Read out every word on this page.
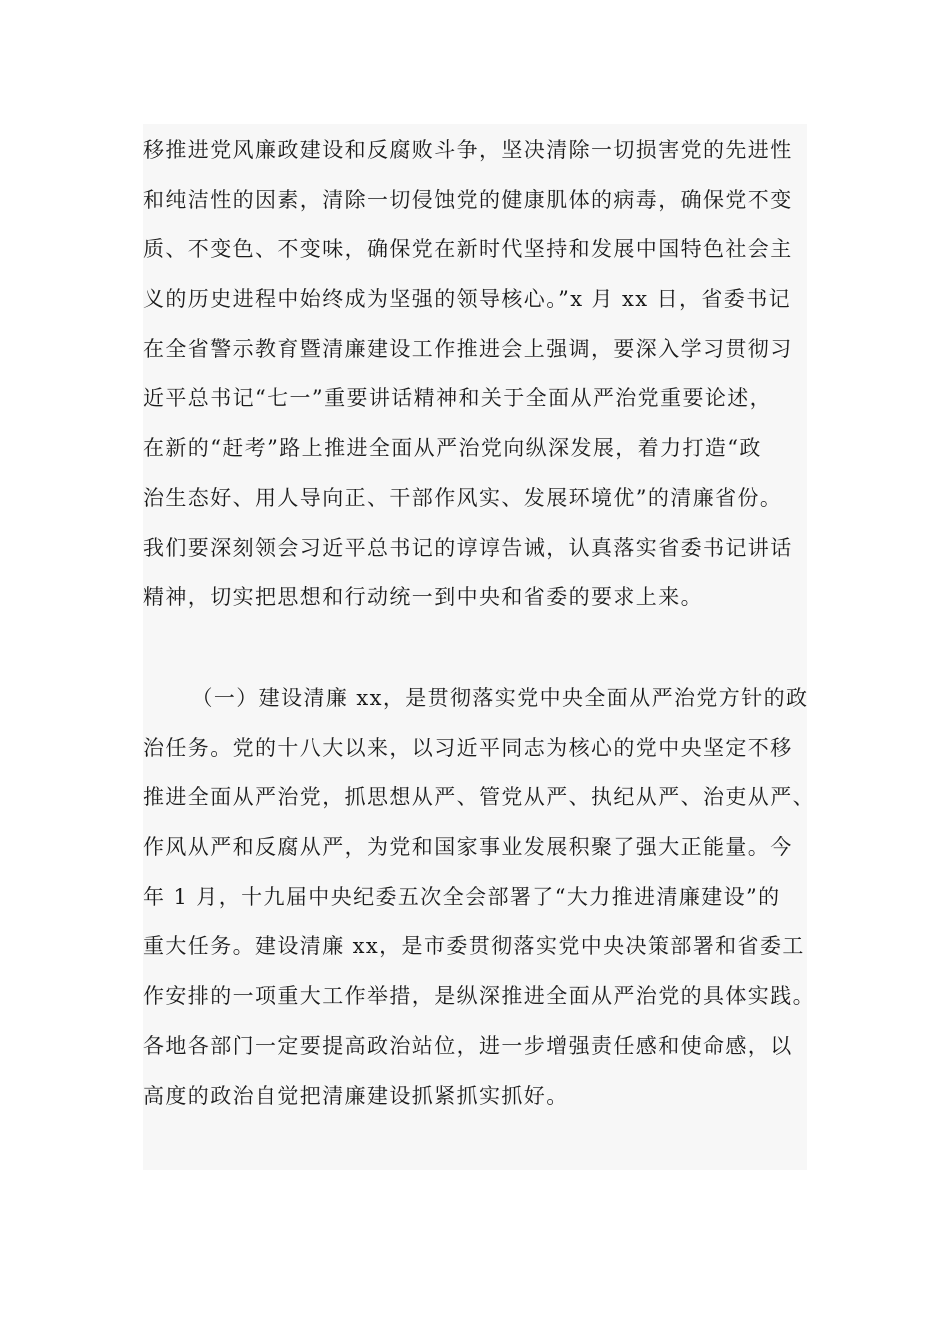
移推进党风廉政建设和反腐败斗争，坚决清除一切损害党的先进性
和纯洁性的因素，清除一切侵蚀党的健康肌体的病毒，确保党不变
质、不变色、不变味，确保党在新时代坚持和发展中国特色社会主
义的历史进程中始终成为坚强的领导核心。”x 月 xx 日，省委书记
在全省警示教育暨清廉建设工作推进会上强调，要深入学习贯彻习
近平总书记“七一”重要讲话精神和关于全面从严治党重要论述，
在新的“赶考”路上推进全面从严治党向纵深发展，着力打造“政
治生态好、用人导向正、干部作风实、发展环境优”的清廉省份。
我们要深刻领会习近平总书记的谆谆告诫，认真落实省委书记讲话
精神，切实把思想和行动统一到中央和省委的要求上来。
（一）建设清廉 xx，是贯彻落实党中央全面从严治党方针的政
治任务。党的十八大以来，以习近平同志为核心的党中央坚定不移
推进全面从严治党，抓思想从严、管党从严、执纪从严、治吏从严、
作风从严和反腐从严，为党和国家事业发展积聚了强大正能量。今
年 1 月，十九届中央纪委五次全会部署了“大力推进清廉建设”的
重大任务。建设清廉 xx，是市委贯彻落实党中央决策部署和省委工
作安排的一项重大工作举措，是纵深推进全面从严治党的具体实践。
各地各部门一定要提高政治站位，进一步增强责任感和使命感，以
高度的政治自觉把清廉建设抓紧抓实抓好。
